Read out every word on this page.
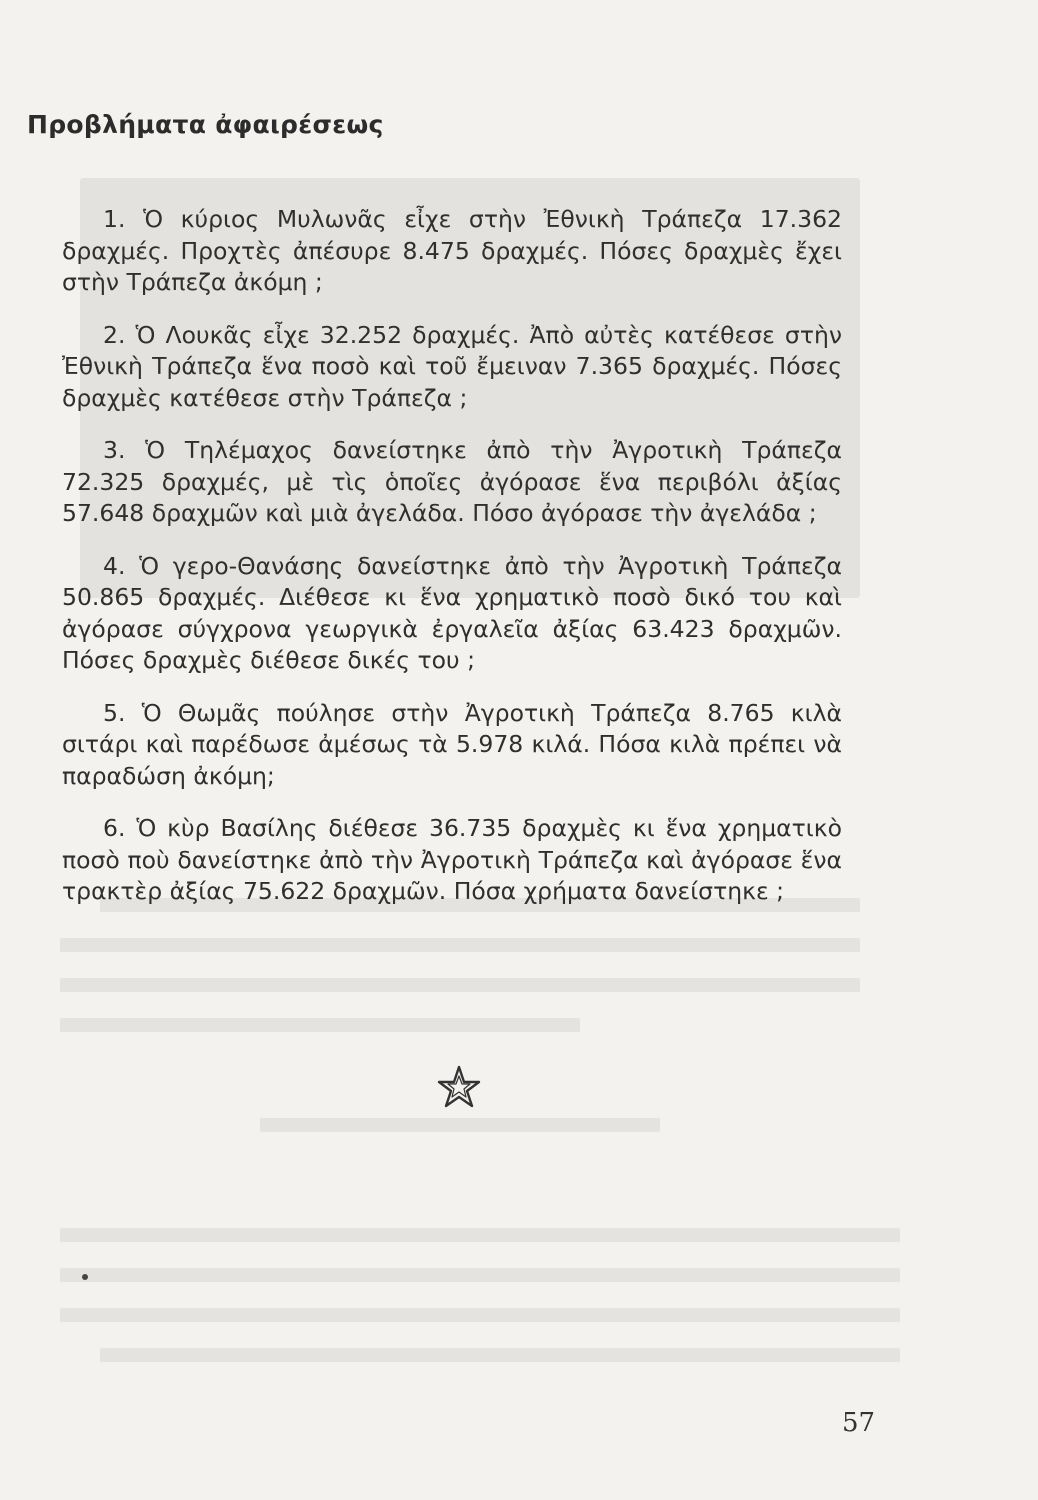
Προβλήματα ἀφαιρέσεως

1. Ὁ κύριος Μυλωνᾶς εἶχε στὴν Ἐθνικὴ Τράπεζα 17.362 δραχμές. Προχτὲς ἀπέσυρε 8.475 δραχμές. Πόσες δραχμὲς ἔχει στὴν Τράπεζα ἀκόμη ;

2. Ὁ Λουκᾶς εἶχε 32.252 δραχμές. Ἀπὸ αὐτὲς κατέθεσε στὴν Ἐθνικὴ Τράπεζα ἕνα ποσὸ καὶ τοῦ ἔμειναν 7.365 δραχμές. Πόσες δραχμὲς κατέθεσε στὴν Τράπεζα ;

3. Ὁ Τηλέμαχος δανείστηκε ἀπὸ τὴν Ἀγροτικὴ Τράπεζα 72.325 δραχμές, μὲ τὶς ὁποῖες ἀγόρασε ἕνα περιβόλι ἀξίας 57.648 δραχμῶν καὶ μιὰ ἀγελάδα. Πόσο ἀγόρασε τὴν ἀγελάδα ;

4. Ὁ γερο-Θανάσης δανείστηκε ἀπὸ τὴν Ἀγροτικὴ Τράπεζα 50.865 δραχμές. Διέθεσε κι ἕνα χρηματικὸ ποσὸ δικό του καὶ ἀγόρασε σύγχρονα γεωργικὰ ἐργαλεῖα ἀξίας 63.423 δραχμῶν. Πόσες δραχμὲς διέθεσε δικές του ;

5. Ὁ Θωμᾶς πούλησε στὴν Ἀγροτικὴ Τράπεζα 8.765 κιλὰ σιτάρι καὶ παρέδωσε ἀμέσως τὰ 5.978 κιλά. Πόσα κιλὰ πρέπει νὰ παραδώση ἀκόμη;

6. Ὁ κὺρ Βασίλης διέθεσε 36.735 δραχμὲς κι ἕνα χρηματικὸ ποσὸ ποὺ δανείστηκε ἀπὸ τὴν Ἀγροτικὴ Τράπεζα καὶ ἀγόρασε ἕνα τρακτὲρ ἀξίας 75.622 δραχμῶν. Πόσα χρήματα δανείστηκε ;

57
